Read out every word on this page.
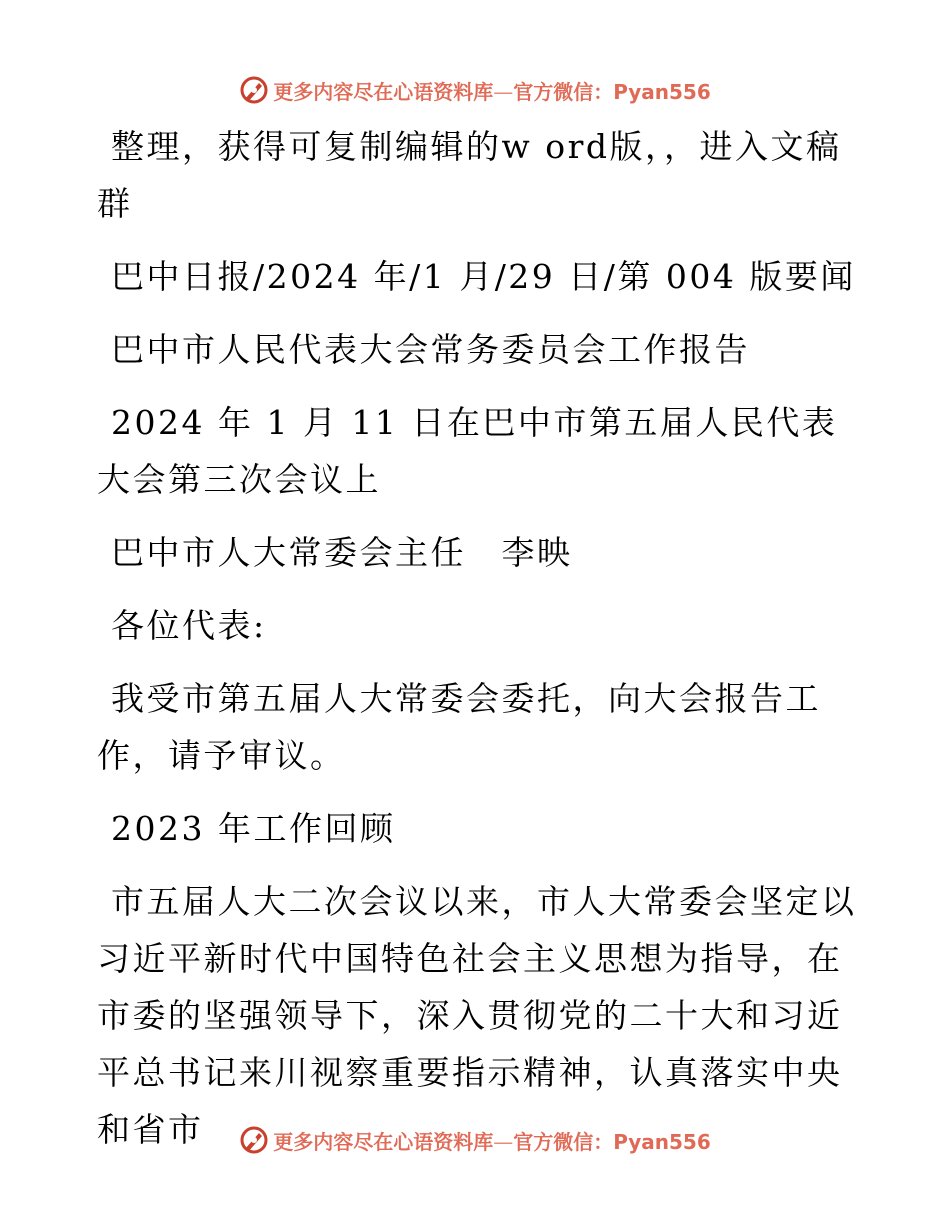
更多内容尽在心语资料库—官方微信：Pyan556

整理，获得可复制编辑的w ord版，，进入文稿群

巴中日报/2024 年/1 月/29 日/第 004 版要闻

巴中市人民代表大会常务委员会工作报告

2024 年 1 月 11 日在巴中市第五届人民代表大会第三次会议上

巴中市人大常委会主任　李映

各位代表:

我受市第五届人大常委会委托，向大会报告工作，请予审议。

2023 年工作回顾

市五届人大二次会议以来，市人大常委会坚定以习近平新时代中国特色社会主义思想为指导，在市委的坚强领导下，深入贯彻党的二十大和习近平总书记来川视察重要指示精神，认真落实中央和省市	更多内容尽在心语资料库—官方微信：Pyan556
